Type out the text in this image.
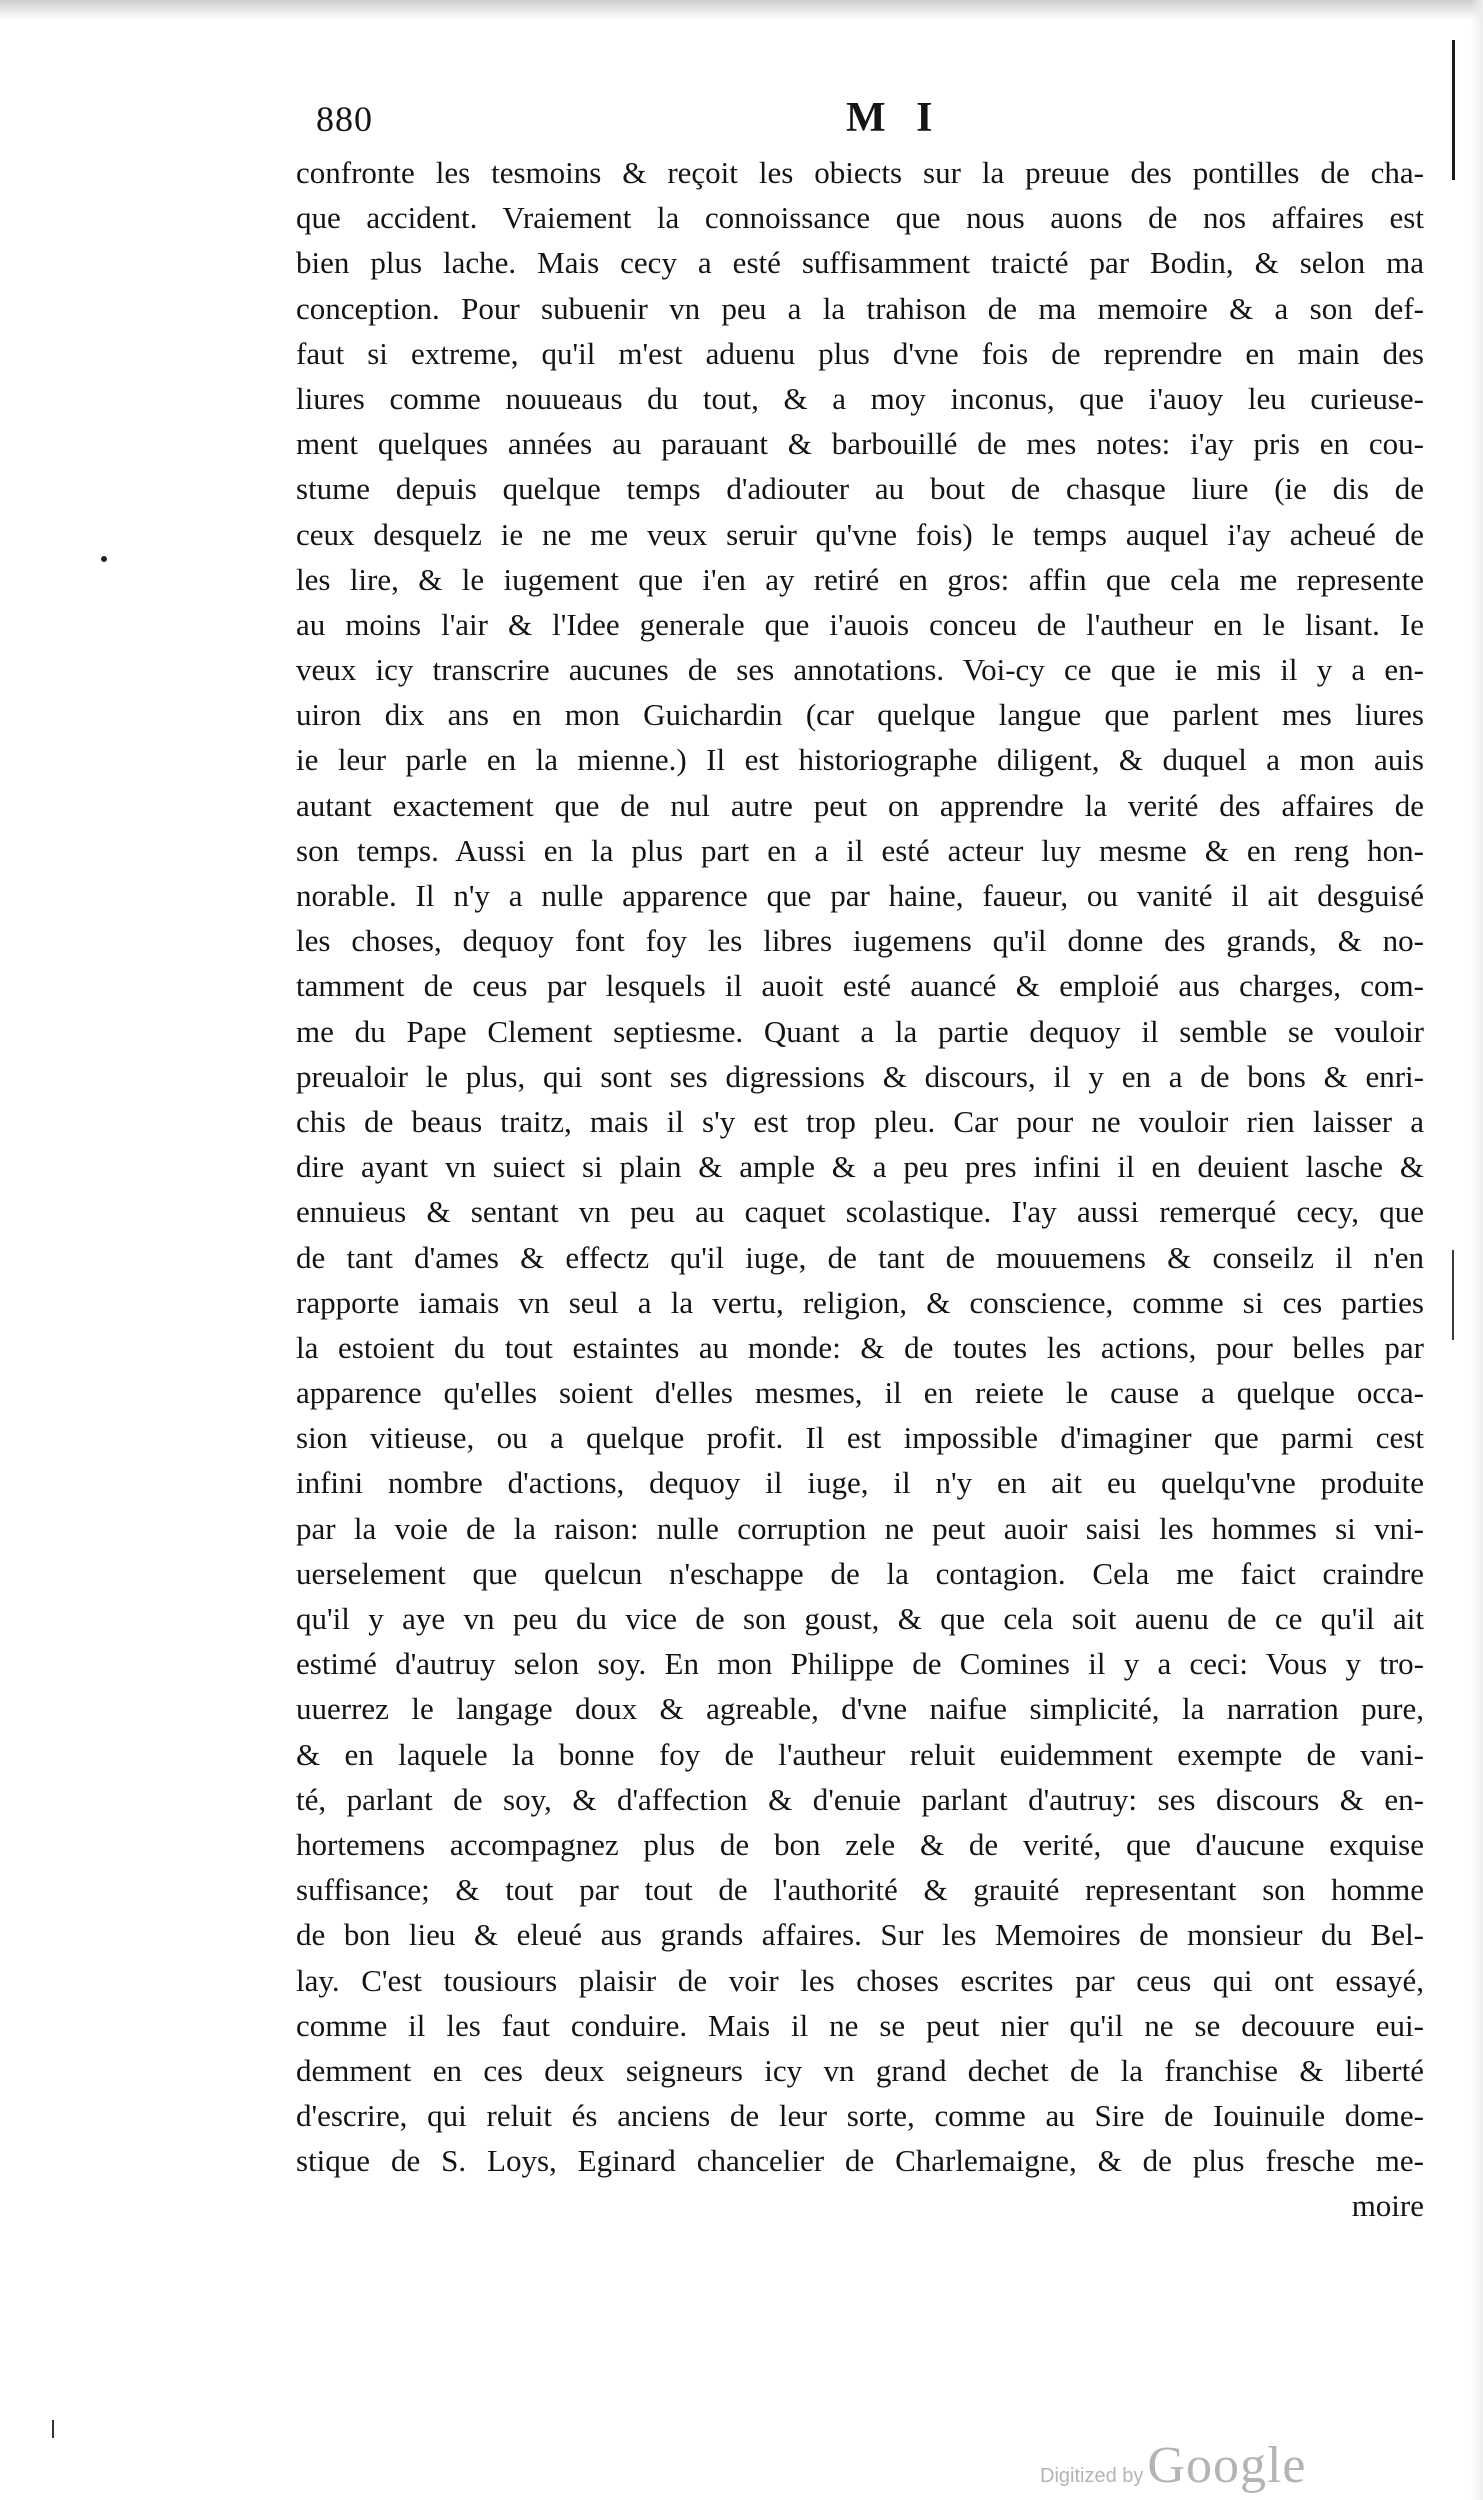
880	M I
confronte les tesmoins & reçoit les obiects sur la preuue des pontilles de cha-
que accident. Vraiement la connoissance que nous auons de nos affaires est
bien plus lache. Mais cecy a esté suffisamment traicté par Bodin, & selon ma
conception. Pour subuenir vn peu a la trahison de ma memoire & a son def-
faut si extreme, qu'il m'est aduenu plus d'vne fois de reprendre en main des
liures comme nouueaus du tout, & a moy inconus, que i'auoy leu curieuse-
ment quelques années au parauant & barbouillé de mes notes: i'ay pris en cou-
stume depuis quelque temps d'adiouter au bout de chasque liure (ie dis de
ceux desquelz ie ne me veux seruir qu'vne fois) le temps auquel i'ay acheué de
les lire, & le iugement que i'en ay retiré en gros: affin que cela me represente
au moins l'air & l'Idee generale que i'auois conceu de l'autheur en le lisant. Ie
veux icy transcrire aucunes de ses annotations. Voi-cy ce que ie mis il y a en-
uiron dix ans en mon Guichardin (car quelque langue que parlent mes liures
ie leur parle en la mienne.) Il est historiographe diligent, & duquel a mon auis
autant exactement que de nul autre peut on apprendre la verité des affaires de
son temps. Aussi en la plus part en a il esté acteur luy mesme & en reng hon-
norable. Il n'y a nulle apparence que par haine, faueur, ou vanité il ait desguisé
les choses, dequoy font foy les libres iugemens qu'il donne des grands, & no-
tamment de ceus par lesquels il auoit esté auancé & emploié aus charges, com-
me du Pape Clement septiesme. Quant a la partie dequoy il semble se vouloir
preualoir le plus, qui sont ses digressions & discours, il y en a de bons & enri-
chis de beaus traitz, mais il s'y est trop pleu. Car pour ne vouloir rien laisser a
dire ayant vn suiect si plain & ample & a peu pres infini il en deuient lasche &
ennuieus & sentant vn peu au caquet scolastique. I'ay aussi remerqué cecy, que
de tant d'ames & effectz qu'il iuge, de tant de mouuemens & conseilz il n'en
rapporte iamais vn seul a la vertu, religion, & conscience, comme si ces parties
la estoient du tout estaintes au monde: & de toutes les actions, pour belles par
apparence qu'elles soient d'elles mesmes, il en reiete le cause a quelque occa-
sion vitieuse, ou a quelque profit. Il est impossible d'imaginer que parmi cest
infini nombre d'actions, dequoy il iuge, il n'y en ait eu quelqu'vne produite
par la voie de la raison: nulle corruption ne peut auoir saisi les hommes si vni-
uerselement que quelcun n'eschappe de la contagion. Cela me faict craindre
qu'il y aye vn peu du vice de son goust, & que cela soit auenu de ce qu'il ait
estimé d'autruy selon soy. En mon Philippe de Comines il y a ceci: Vous y tro-
uuerrez le langage doux & agreable, d'vne naifue simplicité, la narration pure,
& en laquele la bonne foy de l'autheur reluit euidemment exempte de vani-
té, parlant de soy, & d'affection & d'enuie parlant d'autruy: ses discours & en-
hortemens accompagnez plus de bon zele & de verité, que d'aucune exquise
suffisance; & tout par tout de l'authorité & grauité representant son homme
de bon lieu & eleué aus grands affaires. Sur les Memoires de monsieur du Bel-
lay. C'est tousiours plaisir de voir les choses escrites par ceus qui ont essayé,
comme il les faut conduire. Mais il ne se peut nier qu'il ne se decouure eui-
demment en ces deux seigneurs icy vn grand dechet de la franchise & liberté
d'escrire, qui reluit és anciens de leur sorte, comme au Sire de Iouinuile dome-
stique de S. Loys, Eginard chancelier de Charlemaigne, & de plus fresche me-
moire
Digitized by Google
